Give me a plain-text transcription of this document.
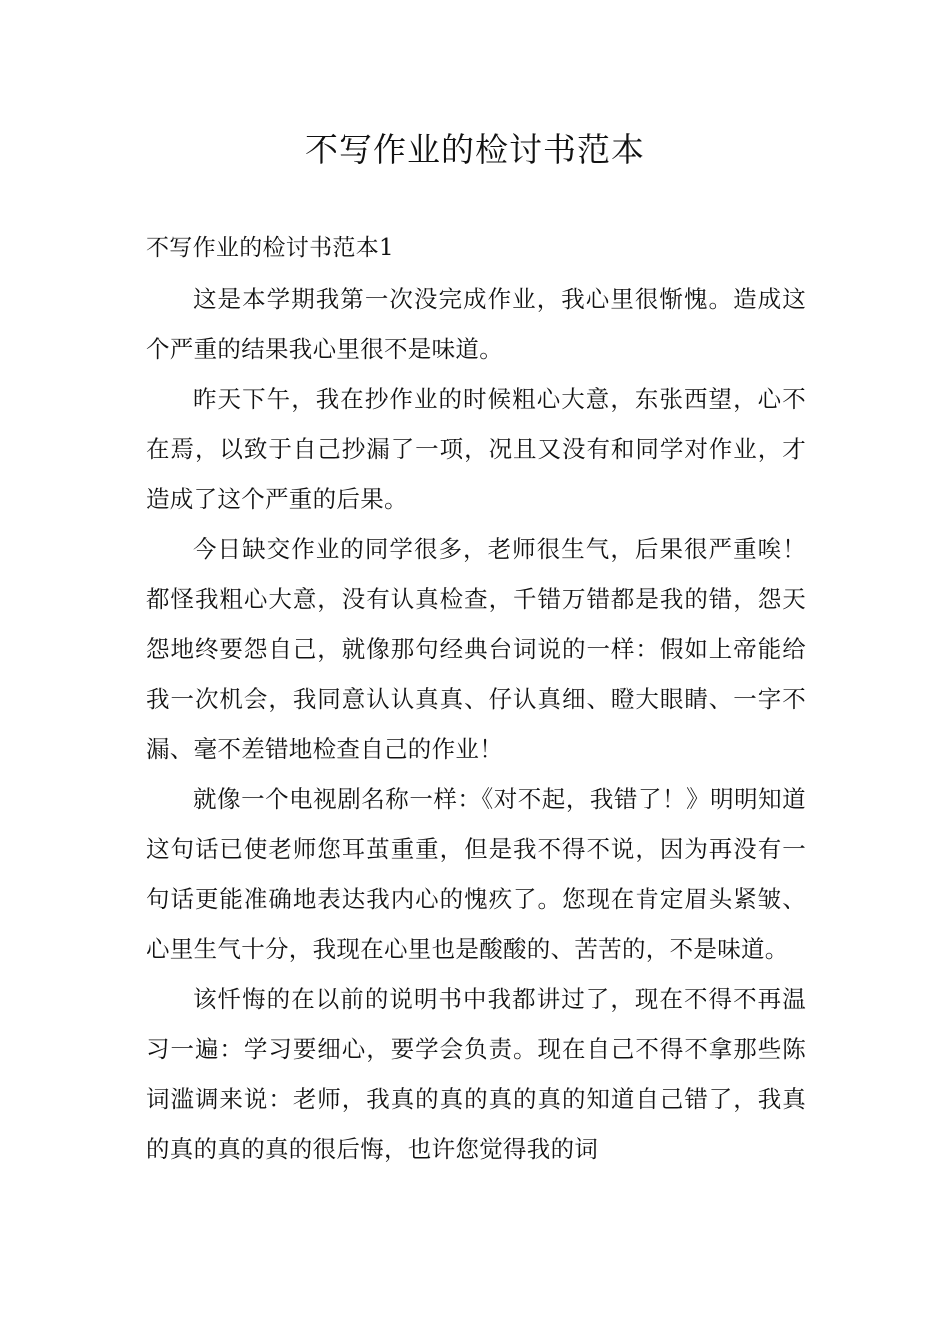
不写作业的检讨书范本
不写作业的检讨书范本1

这是本学期我第一次没完成作业，我心里很惭愧。造成这个严重的结果我心里很不是味道。

昨天下午，我在抄作业的时候粗心大意，东张西望，心不在焉，以致于自己抄漏了一项，况且又没有和同学对作业，才造成了这个严重的后果。

今日缺交作业的同学很多，老师很生气，后果很严重唉！都怪我粗心大意，没有认真检查，千错万错都是我的错，怨天怨地终要怨自己，就像那句经典台词说的一样：假如上帝能给我一次机会，我同意认认真真、仔认真细、瞪大眼睛、一字不漏、毫不差错地检查自己的作业！

就像一个电视剧名称一样：《对不起，我错了！》明明知道这句话已使老师您耳茧重重，但是我不得不说，因为再没有一句话更能准确地表达我内心的愧疚了。您现在肯定眉头紧皱、心里生气十分，我现在心里也是酸酸的、苦苦的，不是味道。

该忏悔的在以前的说明书中我都讲过了，现在不得不再温习一遍：学习要细心，要学会负责。现在自己不得不拿那些陈词滥调来说：老师，我真的真的真的真的知道自己错了，我真的真的真的真的很后悔，也许您觉得我的词
